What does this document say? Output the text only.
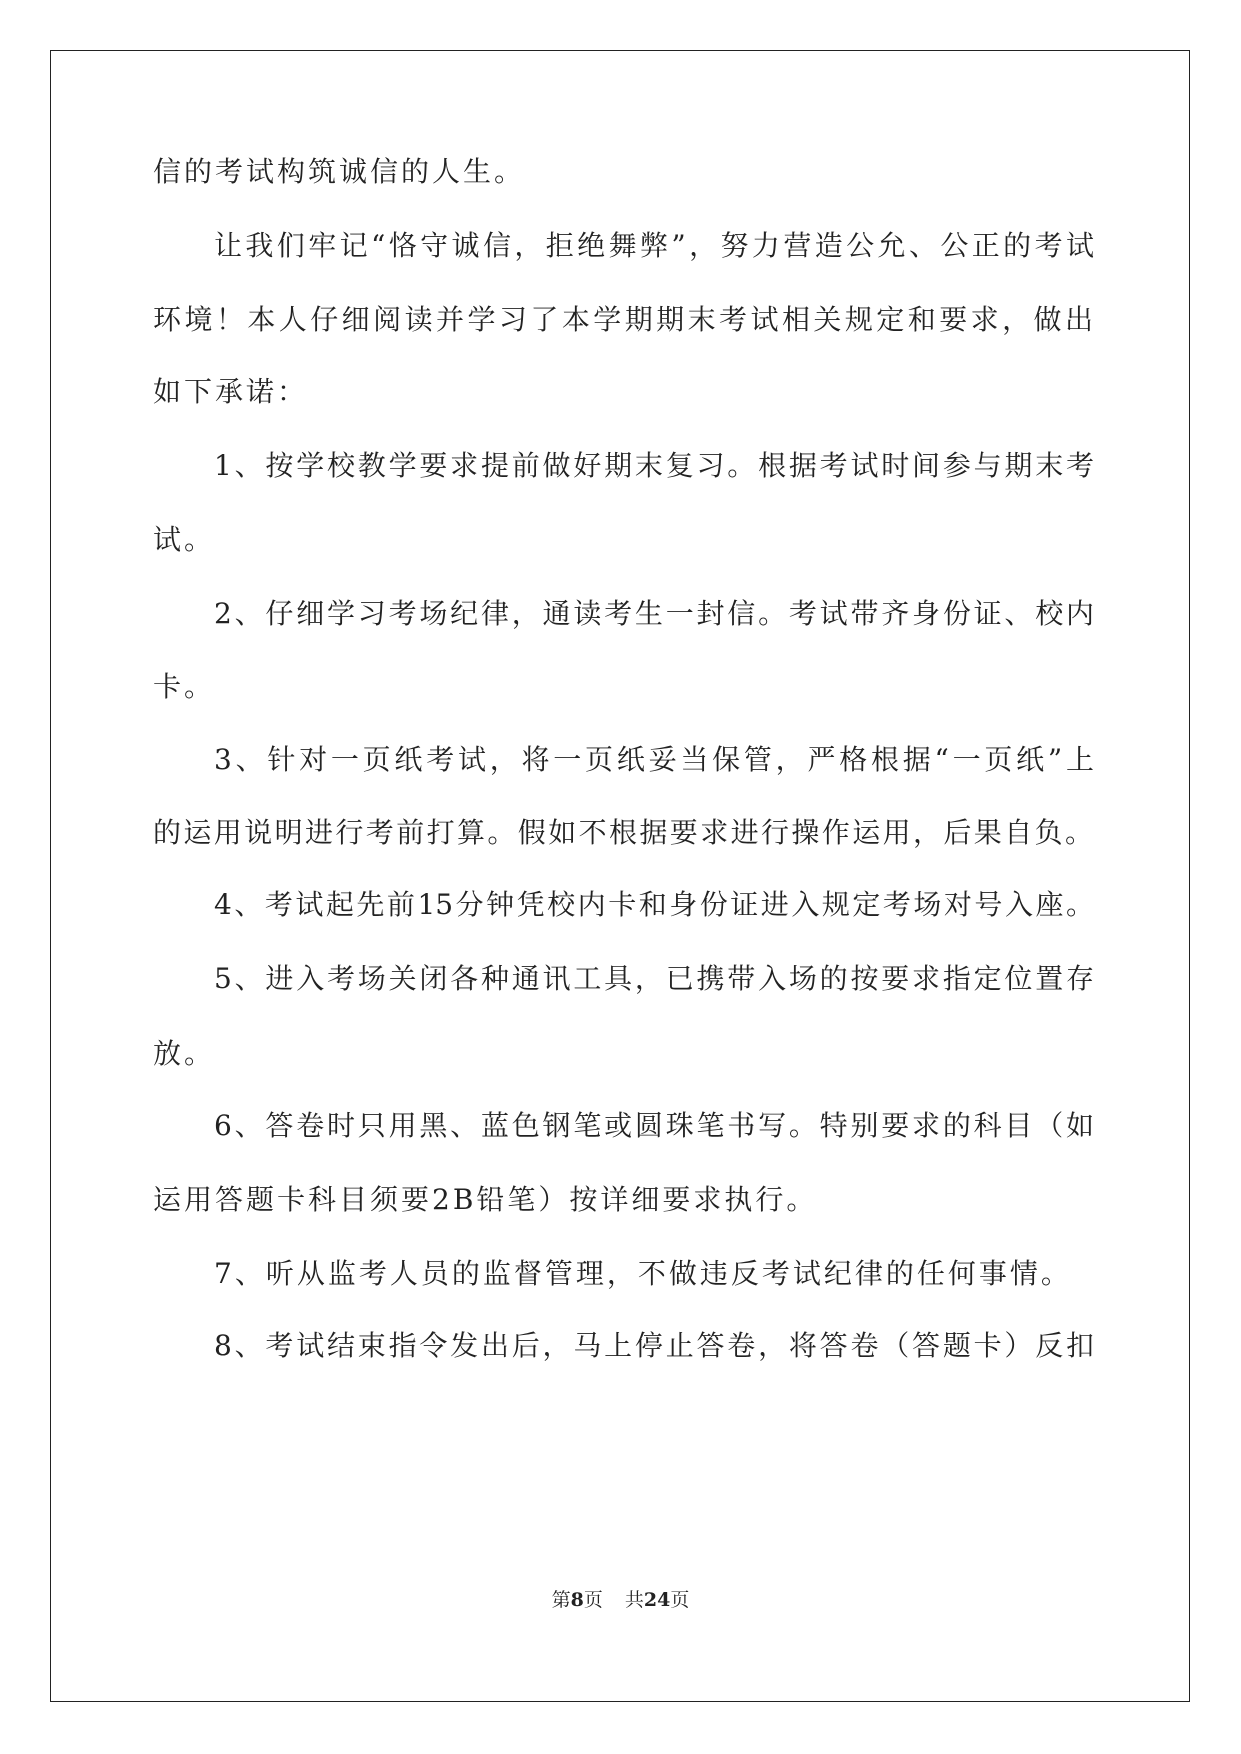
信的考试构筑诚信的人生。
让我们牢记“恪守诚信，拒绝舞弊”，努力营造公允、公正的考试
环境！本人仔细阅读并学习了本学期期末考试相关规定和要求，做出
如下承诺：
1、按学校教学要求提前做好期末复习。根据考试时间参与期末考
试。
2、仔细学习考场纪律，通读考生一封信。考试带齐身份证、校内
卡。
3、针对一页纸考试，将一页纸妥当保管，严格根据“一页纸”上
的运用说明进行考前打算。假如不根据要求进行操作运用，后果自负。
4、考试起先前15分钟凭校内卡和身份证进入规定考场对号入座。
5、进入考场关闭各种通讯工具，已携带入场的按要求指定位置存
放。
6、答卷时只用黑、蓝色钢笔或圆珠笔书写。特别要求的科目（如
运用答题卡科目须要2B铅笔）按详细要求执行。
7、听从监考人员的监督管理，不做违反考试纪律的任何事情。
8、考试结束指令发出后，马上停止答卷，将答卷（答题卡）反扣
第8页 共24页
